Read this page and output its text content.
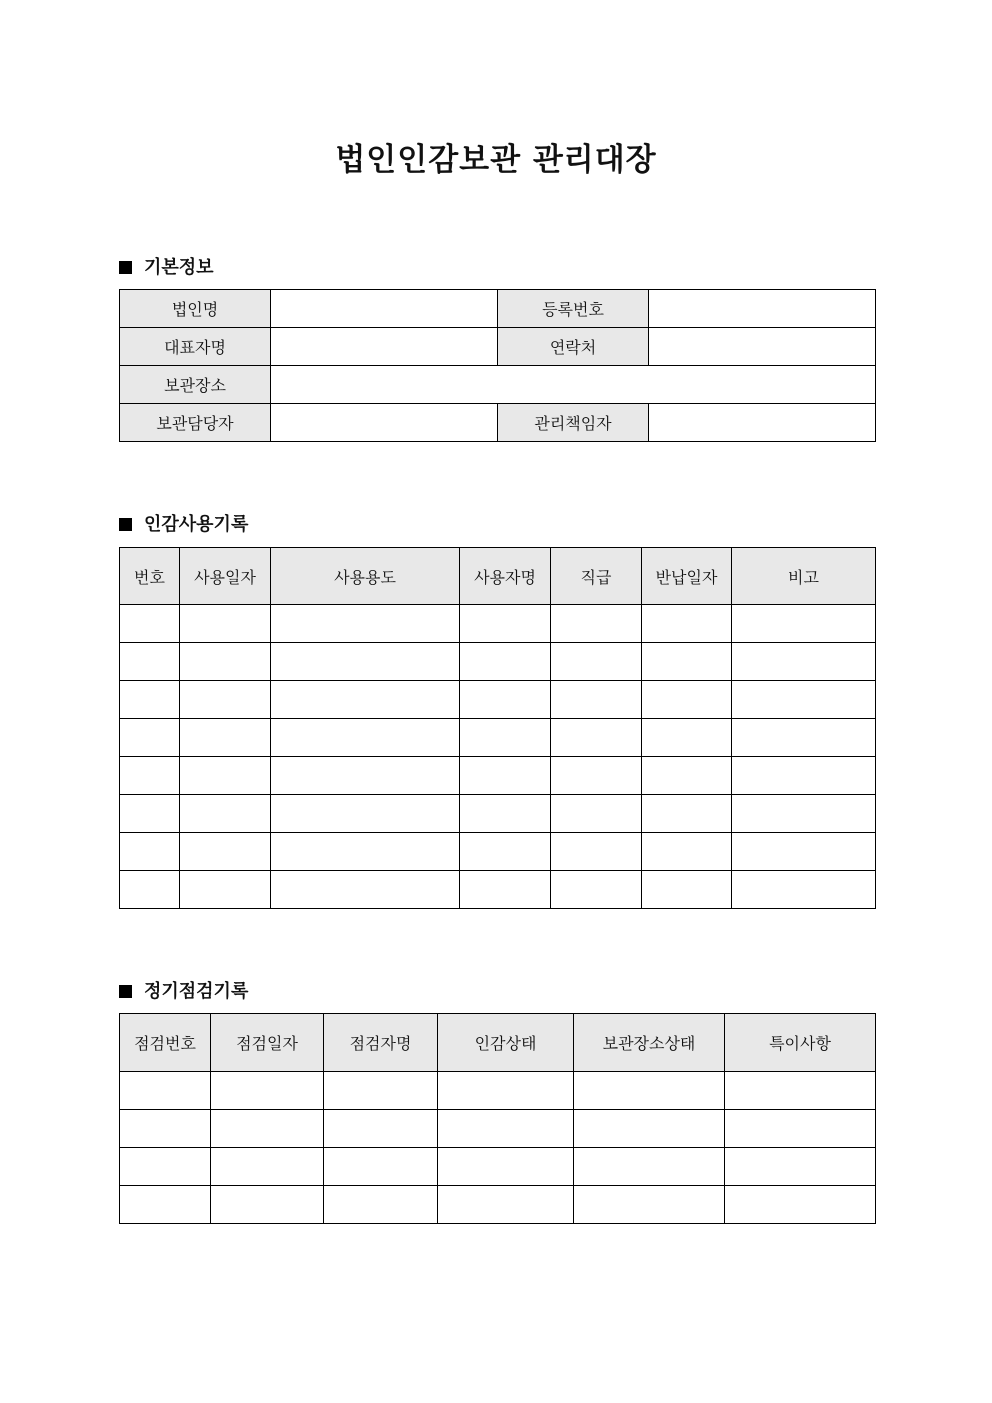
법인인감보관 관리대장
기본정보
법인명		등록번호	
대표자명		연락처	
보관장소			
보관담당자		관리책임자	
인감사용기록
번호	사용일자	사용용도	사용자명	직급	반납일자	비고

정기점검기록
점검번호	점검일자	점검자명	인감상태	보관장소상태	특이사항
